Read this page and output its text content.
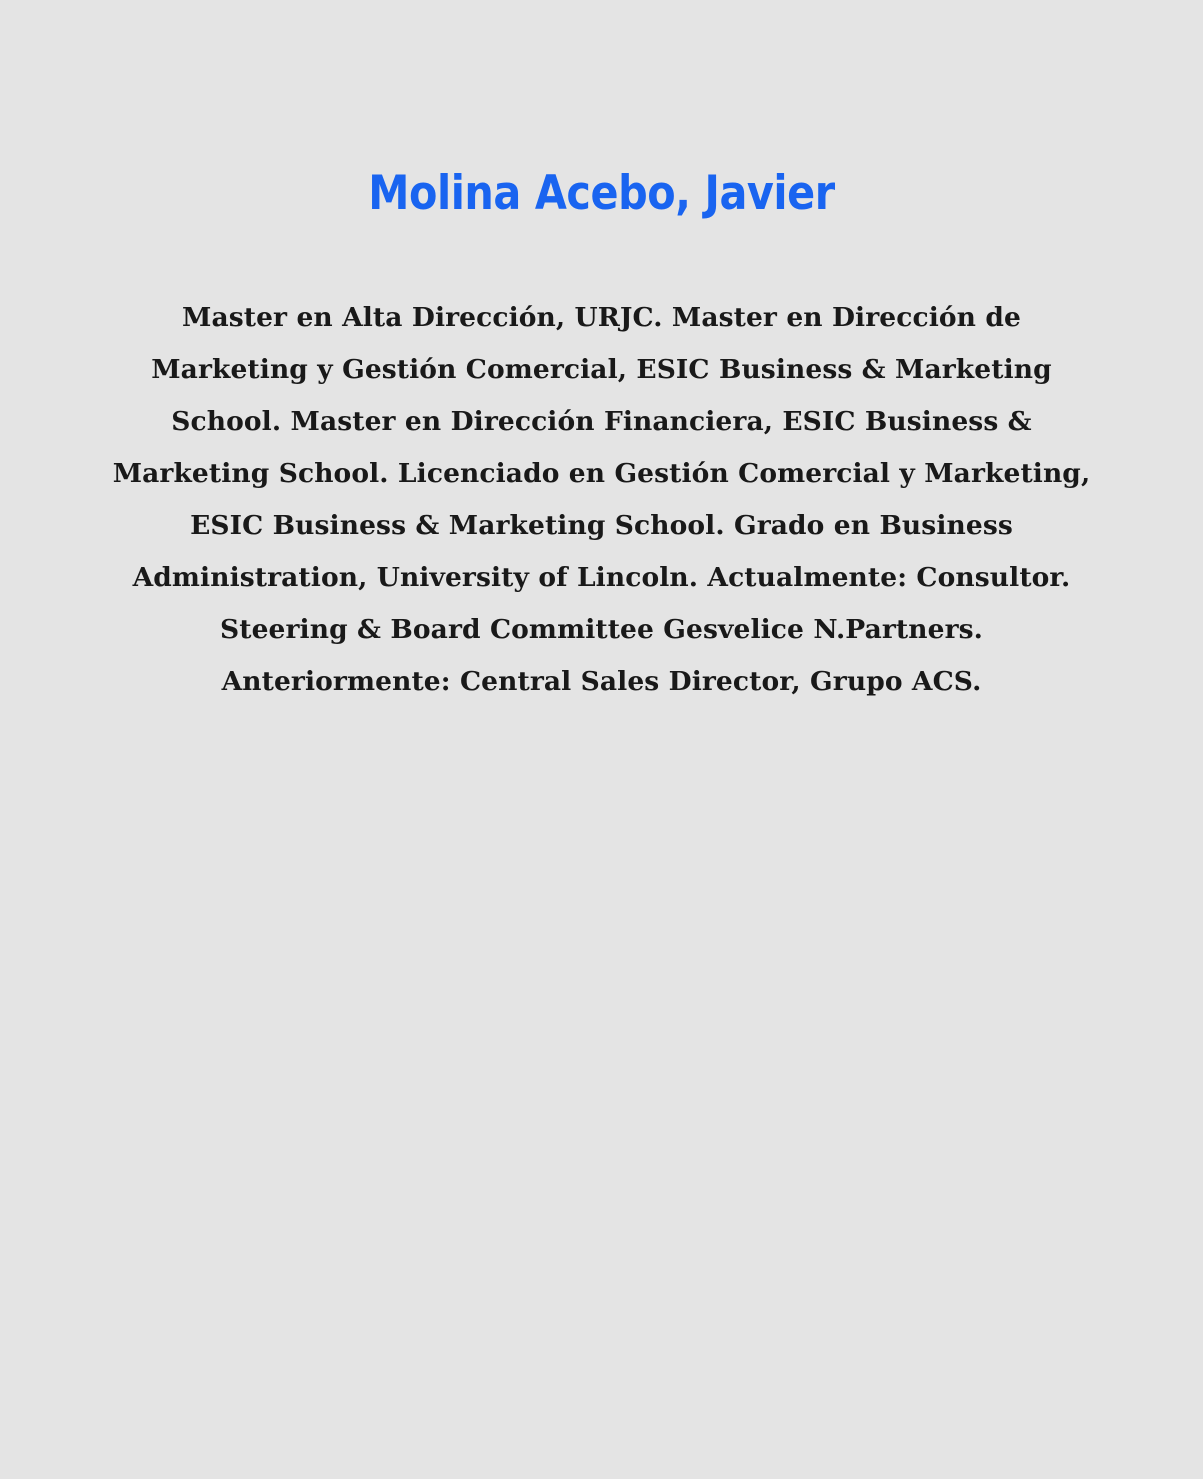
Molina Acebo, Javier

Master en Alta Dirección, URJC. Master en Dirección de Marketing y Gestión Comercial, ESIC Business & Marketing School. Master en Dirección Financiera, ESIC Business & Marketing School. Licenciado en Gestión Comercial y Marketing, ESIC Business & Marketing School. Grado en Business Administration, University of Lincoln. Actualmente: Consultor. Steering & Board Committee Gesvelice N.Partners. Anteriormente: Central Sales Director, Grupo ACS.
